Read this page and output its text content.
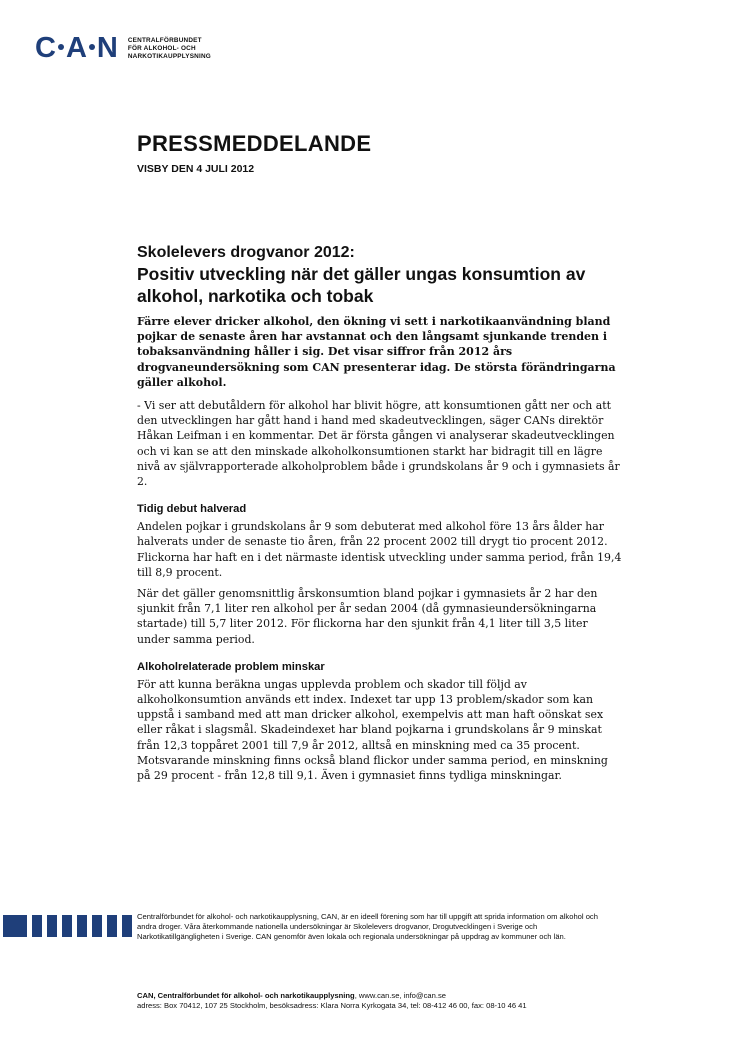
C A N CENTRALFÖRBUNDET
FÖR ALKOHOL- OCH
NARKOTIKAUPPLYSNING
PRESSMEDDELANDE
VISBY DEN 4 JULI 2012

Skolelevers drogvanor 2012:

Positiv utveckling när det gäller ungas konsumtion av alkohol, narkotika och tobak

Färre elever dricker alkohol, den ökning vi sett i narkotikaanvändning bland pojkar de senaste åren har avstannat och den långsamt sjunkande trenden i tobaksanvändning håller i sig. Det visar siffror från 2012 års drogvaneundersökning som CAN presenterar idag. De största förändringarna gäller alkohol.

- Vi ser att debutåldern för alkohol har blivit högre, att konsumtionen gått ner och att den utvecklingen har gått hand i hand med skadeutvecklingen, säger CANs direktör Håkan Leifman i en kommentar. Det är första gången vi analyserar skadeutvecklingen och vi kan se att den minskade alkoholkonsumtionen starkt har bidragit till en lägre nivå av självrapporterade alkoholproblem både i grundskolans år 9 och i gymnasiets år 2.

Tidig debut halverad

Andelen pojkar i grundskolans år 9 som debuterat med alkohol före 13 års ålder har halverats under de senaste tio åren, från 22 procent 2002 till drygt tio procent 2012. Flickorna har haft en i det närmaste identisk utveckling under samma period, från 19,4 till 8,9 procent.

När det gäller genomsnittlig årskonsumtion bland pojkar i gymnasiets år 2 har den sjunkit från 7,1 liter ren alkohol per år sedan 2004 (då gymnasieundersökningarna startade) till 5,7 liter 2012. För flickorna har den sjunkit från 4,1 liter till 3,5 liter under samma period.

Alkoholrelaterade problem minskar

För att kunna beräkna ungas upplevda problem och skador till följd av alkoholkonsumtion används ett index. Indexet tar upp 13 problem/skador som kan uppstå i samband med att man dricker alkohol, exempelvis att man haft oönskat sex eller råkat i slagsmål. Skadeindexet har bland pojkarna i grundskolans år 9 minskat från 12,3 toppåret 2001 till 7,9 år 2012, alltså en minskning med ca 35 procent. Motsvarande minskning finns också bland flickor under samma period, en minskning på 29 procent - från 12,8 till 9,1. Även i gymnasiet finns tydliga minskningar.

Centralförbundet för alkohol- och narkotikaupplysning, CAN, är en ideell förening som har till uppgift att sprida information om alkohol och andra droger. Våra återkommande nationella undersökningar är Skolelevers drogvanor, Drogutvecklingen i Sverige och Narkotikatillgängligheten i Sverige. CAN genomför även lokala och regionala undersökningar på uppdrag av kommuner och län.
CAN, Centralförbundet för alkohol- och narkotikaupplysning, www.can.se, info@can.se
adress: Box 70412, 107 25 Stockholm, besöksadress: Klara Norra Kyrkogata 34, tel: 08-412 46 00, fax: 08-10 46 41
